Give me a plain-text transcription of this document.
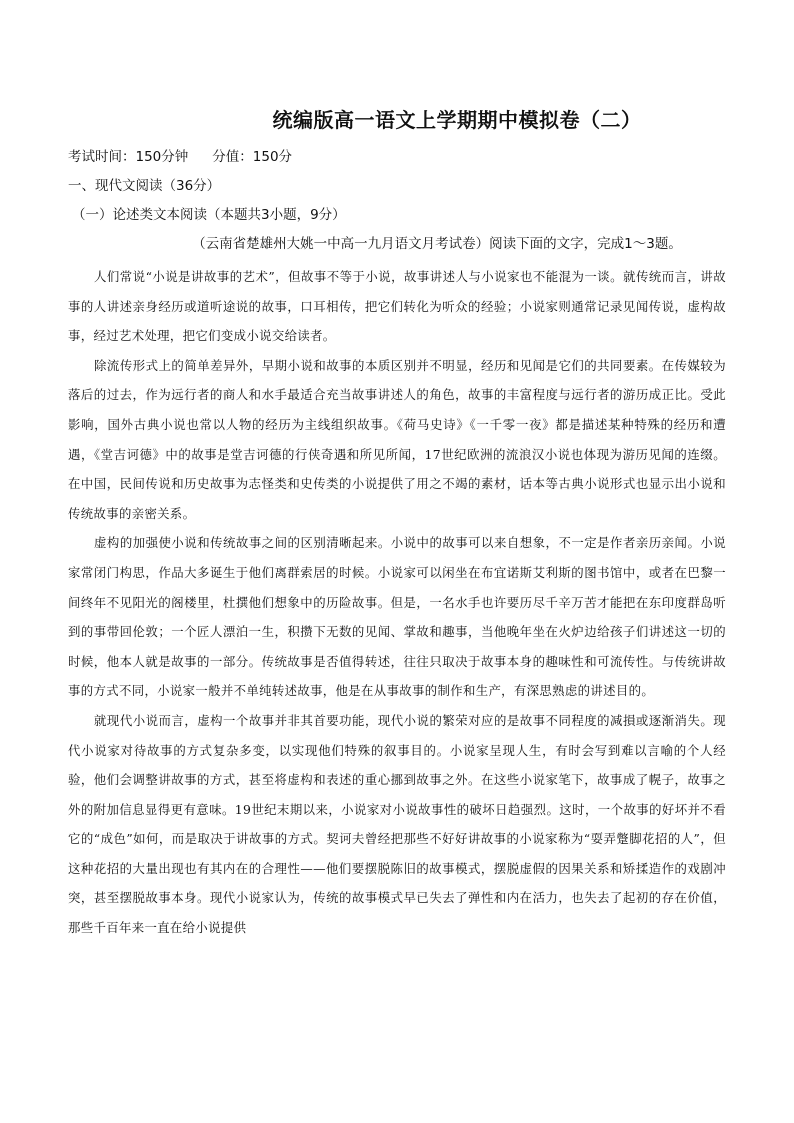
统编版高一语文上学期期中模拟卷（二）
考试时间：150分钟 分值：150分
一、现代文阅读（36分）
（一）论述类文本阅读（本题共3小题，9分）
（云南省楚雄州大姚一中高一九月语文月考试卷）阅读下面的文字，完成1～3题。

人们常说“小说是讲故事的艺术”，但故事不等于小说，故事讲述人与小说家也不能混为一谈。就传统而言，讲故事的人讲述亲身经历或道听途说的故事，口耳相传，把它们转化为听众的经验；小说家则通常记录见闻传说，虚构故事，经过艺术处理，把它们变成小说交给读者。

除流传形式上的简单差异外，早期小说和故事的本质区别并不明显，经历和见闻是它们的共同要素。在传媒较为落后的过去，作为远行者的商人和水手最适合充当故事讲述人的角色，故事的丰富程度与远行者的游历成正比。受此影响，国外古典小说也常以人物的经历为主线组织故事。《荷马史诗》《一千零一夜》都是描述某种特殊的经历和遭遇，《堂吉诃德》中的故事是堂吉诃德的行侠奇遇和所见所闻，17世纪欧洲的流浪汉小说也体现为游历见闻的连缀。在中国，民间传说和历史故事为志怪类和史传类的小说提供了用之不竭的素材，话本等古典小说形式也显示出小说和传统故事的亲密关系。

虚构的加强使小说和传统故事之间的区别清晰起来。小说中的故事可以来自想象，不一定是作者亲历亲闻。小说家常闭门构思，作品大多诞生于他们离群索居的时候。小说家可以闲坐在布宜诺斯艾利斯的图书馆中，或者在巴黎一间终年不见阳光的阁楼里，杜撰他们想象中的历险故事。但是，一名水手也许要历尽千辛万苦才能把在东印度群岛听到的事带回伦敦；一个匠人漂泊一生，积攒下无数的见闻、掌故和趣事，当他晚年坐在火炉边给孩子们讲述这一切的时候，他本人就是故事的一部分。传统故事是否值得转述，往往只取决于故事本身的趣味性和可流传性。与传统讲故事的方式不同，小说家一般并不单纯转述故事，他是在从事故事的制作和生产，有深思熟虑的讲述目的。

就现代小说而言，虚构一个故事并非其首要功能，现代小说的繁荣对应的是故事不同程度的减損或逐渐消失。现代小说家对待故事的方式复杂多变，以实现他们特殊的叙事目的。小说家呈现人生，有时会写到难以言喻的个人经验，他们会调整讲故事的方式，甚至将虚构和表述的重心挪到故事之外。在这些小说家笔下，故事成了幌子，故事之外的附加信息显得更有意味。19世纪末期以来，小说家对小说故事性的破坏日趋强烈。这时，一个故事的好坏并不看它的“成色”如何，而是取决于讲故事的方式。契诃夫曾经把那些不好好讲故事的小说家称为“耍弄蹩脚花招的人”，但这种花招的大量出现也有其内在的合理性——他们要摆脱陈旧的故事模式，摆脱虚假的因果关系和矫揉造作的戏剧冲突，甚至摆脱故事本身。现代小说家认为，传统的故事模式早已失去了弹性和内在活力，也失去了起初的存在价值，那些千百年来一直在给小说提供
